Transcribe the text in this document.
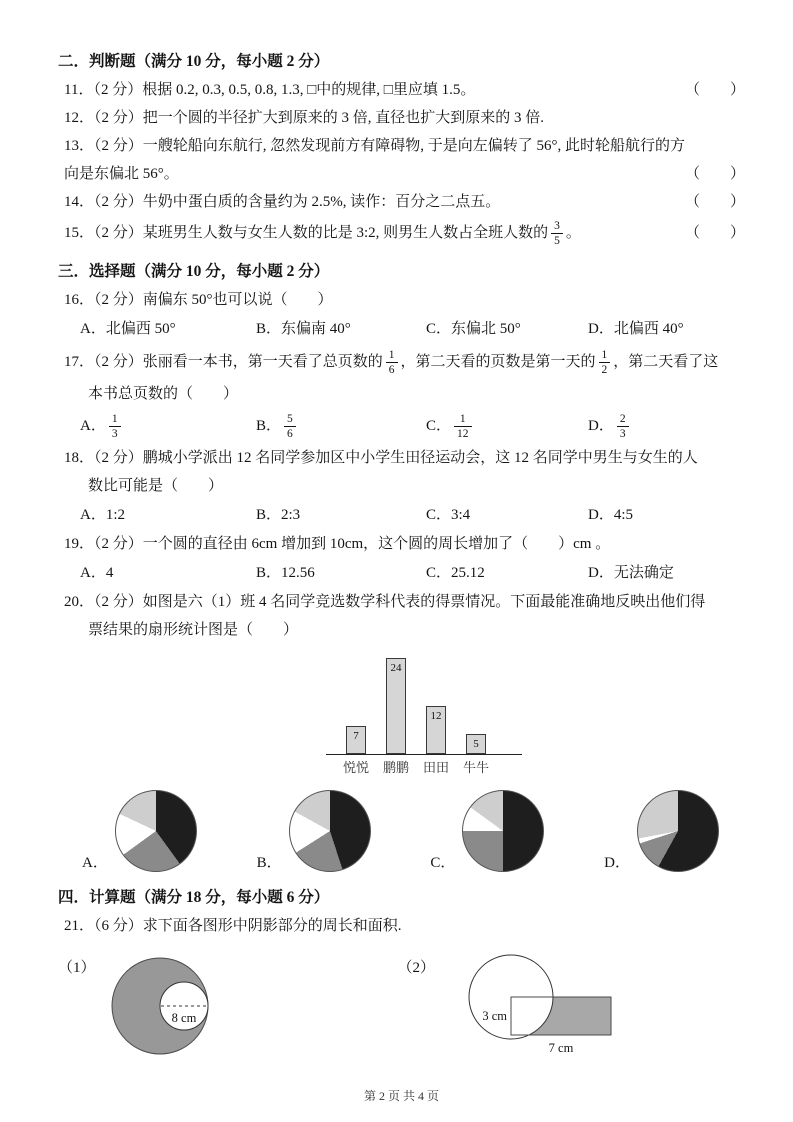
二．判断题（满分 10 分，每小题 2 分）
11．（2 分）根据 0.2, 0.3, 0.5, 0.8, 1.3, □中的规律, □里应填 1.5。	（　　）
12．（2 分）把一个圆的半径扩大到原来的 3 倍, 直径也扩大到原来的 3 倍.
13．（2 分）一艘轮船向东航行, 忽然发现前方有障碍物, 于是向左偏转了 56°, 此时轮船航行的方
向是东偏北 56°。	（　　）
14．（2 分）牛奶中蛋白质的含量约为 2.5%, 读作：百分之二点五。	（　　）
15．（2 分）某班男生人数与女生人数的比是 3:2, 则男生人数占全班人数的 $\frac{3}{5}$ 。	（　　）
三．选择题（满分 10 分，每小题 2 分）
16．（2 分）南偏东 50°也可以说（　　）
A．北偏西 50°	B．东偏南 40°	C．东偏北 50°	D．北偏西 40°
17．（2 分）张丽看一本书，第一天看了总页数的 $\frac{1}{6}$ ，第二天看的页数是第一天的 $\frac{1}{2}$ ，第二天看了这
本书总页数的（　　）
A． $\frac{1}{3}$	B． $\frac{5}{6}$	C． $\frac{1}{12}$	D． $\frac{2}{3}$
18．（2 分）鹏城小学派出 12 名同学参加区中小学生田径运动会，这 12 名同学中男生与女生的人
数比可能是（　　）
A．1:2	B．2:3	C．3:4	D．4:5
19．（2 分）一个圆的直径由 6cm 增加到 10cm，这个圆的周长增加了（　　）cm 。
A．4	B．12.56	C．25.12	D．无法确定
20．（2 分）如图是六（1）班 4 名同学竞选数学科代表的得票情况。下面最能准确地反映出他们得
票结果的扇形统计图是（　　）
7
24
12
5
悦悦	鹏鹏	田田	牛牛
A．	B．	C．	D．
四．计算题（满分 18 分，每小题 6 分）
21．（6 分）求下面各图形中阴影部分的周长和面积.
（1）
8 cm
（2）
3 cm
7 cm
第 2 页 共 4 页
